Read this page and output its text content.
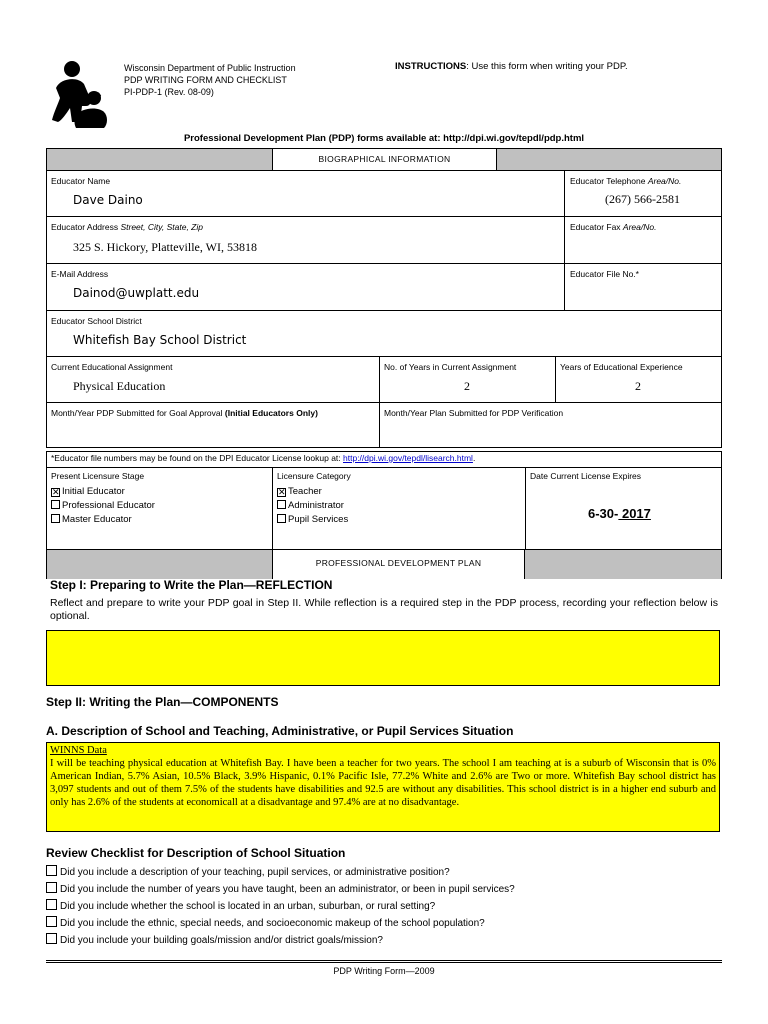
Wisconsin Department of Public Instruction
PDP WRITING FORM AND CHECKLIST
PI-PDP-1 (Rev. 08-09)
INSTRUCTIONS: Use this form when writing your PDP.
Professional Development Plan (PDP) forms available at: http://dpi.wi.gov/tepdl/pdp.html
BIOGRAPHICAL INFORMATION
Educator Name
Dave Daino
Educator Telephone Area/No.
(267) 566-2581
Educator Address Street, City, State, Zip
325 S. Hickory, Platteville, WI, 53818
Educator Fax Area/No.
E-Mail Address
Dainod@uwplatt.edu
Educator File No.*
Educator School District
Whitefish Bay School District
Current Educational Assignment
Physical Education
No. of Years in Current Assignment
2
Years of Educational Experience
2
Month/Year PDP Submitted for Goal Approval (Initial Educators Only)	Month/Year Plan Submitted for PDP Verification
*Educator file numbers may be found on the DPI Educator License lookup at: http://dpi.wi.gov/tepdl/lisearch.html.
Present Licensure Stage
✕ Initial Educator
Professional Educator
Master Educator
Licensure Category
✕ Teacher
Administrator
Pupil Services
Date Current License Expires
6-30- 2017
PROFESSIONAL DEVELOPMENT PLAN
Step I: Preparing to Write the Plan—REFLECTION
Reflect and prepare to write your PDP goal in Step II. While reflection is a required step in the PDP process, recording your reflection below is optional.
Step II: Writing the Plan—COMPONENTS
A. Description of School and Teaching, Administrative, or Pupil Services Situation
WINNS Data
I will be teaching physical education at Whitefish Bay. I have been a teacher for two years. The school I am teaching at is a suburb of Wisconsin that is 0% American Indian, 5.7% Asian, 10.5% Black, 3.9% Hispanic, 0.1% Pacific Isle, 77.2% White and 2.6% are Two or more. Whitefish Bay school district has 3,097 students and out of them 7.5% of the students have disabilities and 92.5 are without any disabilities. This school district is in a higher end suburb and only has 2.6% of the students at economicall at a disadvantage and 97.4% are at no disadvantage.
Review Checklist for Description of School Situation
Did you include a description of your teaching, pupil services, or administrative position?
Did you include the number of years you have taught, been an administrator, or been in pupil services?
Did you include whether the school is located in an urban, suburban, or rural setting?
Did you include the ethnic, special needs, and socioeconomic makeup of the school population?
Did you include your building goals/mission and/or district goals/mission?
PDP Writing Form—2009
